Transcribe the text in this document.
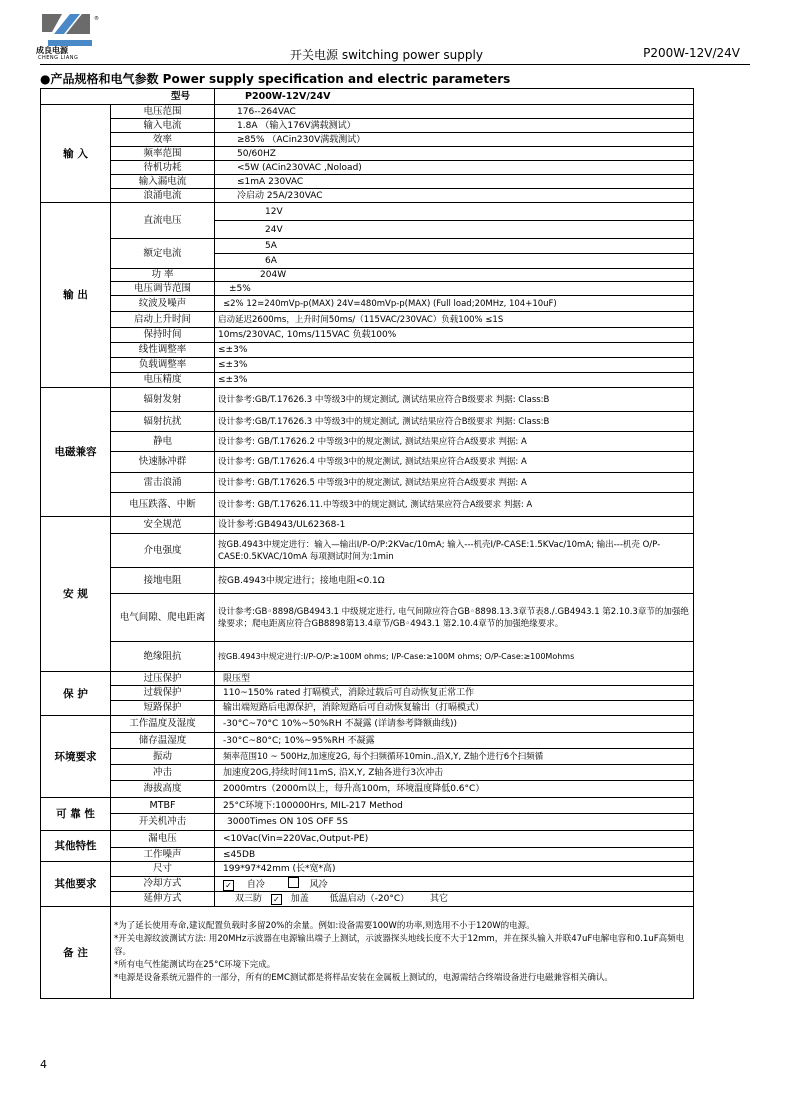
®
成良电源
CHENG LIANG	开关电源 switching power supply	P200W-12V/24V
●产品规格和电气参数 Power supply specification and electric parameters
型号		P200W-12V/24V
输 入	电压范围	176--264VAC
	输入电流	1.8A （输入176V满载测试）
	效率	≥85% （ACin230V满载测试）
	频率范围	50/60HZ
	待机功耗	<5W (ACin230VAC ,Noload)
	输入漏电流	≤1mA 230VAC
	浪涌电流	冷启动 25A/230VAC
输 出	直流电压	12V
		24V
	额定电流	5A
		6A
	功 率	204W
	电压调节范围	±5%
	纹波及噪声	≤2% 12=240mVp-p(MAX) 24V=480mVp-p(MAX) (Full load;20MHz, 104+10uF)
	启动上升时间	启动延迟2600ms，上升时间50ms/（115VAC/230VAC）负载100% ≤1S
	保持时间	10ms/230VAC, 10ms/115VAC 负载100%
	线性调整率	≤±3%
	负载调整率	≤±3%
	电压精度	≤±3%
电磁兼容	辐射发射	设计参考:GB/T.17626.3 中等级3中的规定测试, 测试结果应符合B级要求 判据: Class:B
	辐射抗扰	设计参考:GB/T.17626.3 中等级3中的规定测试, 测试结果应符合B级要求 判据: Class:B
	静电	设计参考: GB/T.17626.2 中等级3中的规定测试, 测试结果应符合A级要求 判据: A
	快速脉冲群	设计参考: GB/T.17626.4 中等级3中的规定测试, 测试结果应符合A级要求 判据: A
	雷击浪涌	设计参考: GB/T.17626.5 中等级3中的规定测试, 测试结果应符合A级要求 判据: A
	电压跌落、中断	设计参考: GB/T.17626.11.中等级3中的规定测试, 测试结果应符合A级要求 判据: A
安 规	安全规范	设计参考:GB4943/UL62368-1
	介电强度	按GB.4943中规定进行：输入—输出I/P-O/P:2KVac/10mA; 输入---机壳I/P-CASE:1.5KVac/10mA; 输出---机壳 O/P-CASE:0.5KVAC/10mA 每项测试时间为:1min
	接地电阻	按GB.4943中规定进行；接地电阻<0.1Ω
	电气间隙、爬电距离	设计参考:GB◦8898/GB4943.1 中级规定进行, 电气间隙应符合GB◦8898.13.3章节表8./.GB4943.1 第2.10.3章节的加强绝缘要求；爬电距离应符合GB8898第13.4章节/GB◦4943.1 第2.10.4章节的加强绝缘要求。
	绝缘阻抗	按GB.4943中规定进行:I/P-O/P:≥100M ohms; I/P-Case:≥100M ohms; O/P-Case:≥100Mohms
保 护	过压保护	限压型
	过载保护	110~150% rated 打嗝模式，消除过载后可自动恢复正常工作
	短路保护	输出端短路后电源保护，消除短路后可自动恢复输出（打嗝模式）
环境要求	工作温度及湿度	-30°C~70°C 10%~50%RH 不凝露 (详请参考降额曲线))
	储存温湿度	-30°C~80°C; 10%~95%RH 不凝露
	振动	频率范围10 ~ 500Hz,加速度2G, 每个扫频循环10min.,沿X,Y, Z轴个进行6个扫频循
	冲击	加速度20G,持续时间11mS, 沿X,Y, Z轴各进行3次冲击
	海拔高度	2000mtrs（2000m以上，每升高100m，环境温度降低0.6°C）
可 靠 性	MTBF	25°C环境下:100000Hrs, MIL-217 Method
	开关机冲击	3000Times ON 10S OFF 5S
其他特性	漏电压	<10Vac(Vin=220Vac,Output-PE)
	工作噪声	≤45DB
其他要求	尺寸	199*97*42mm (长*宽*高)
	冷却方式	✓ 自冷 风冷
	延伸方式	双三防 ✓ 加盖 低温启动（-20°C） 其它
备 注	*为了延长使用寿命,建议配置负载时多留20%的余量。例如:设备需要100W的功率,则选用不小于120W的电源。
*开关电源纹波测试方法: 用20MHz示波器在电源输出端子上测试，示波器探头地线长度不大于12mm，并在探头输入并联47uF电解电容和0.1uF高频电容。
*所有电气性能测试均在25°C环境下完成。
*电源是设备系统元器件的一部分，所有的EMC测试都是将样品安装在金属板上测试的，电源需结合终端设备进行电磁兼容相关确认。	
4
